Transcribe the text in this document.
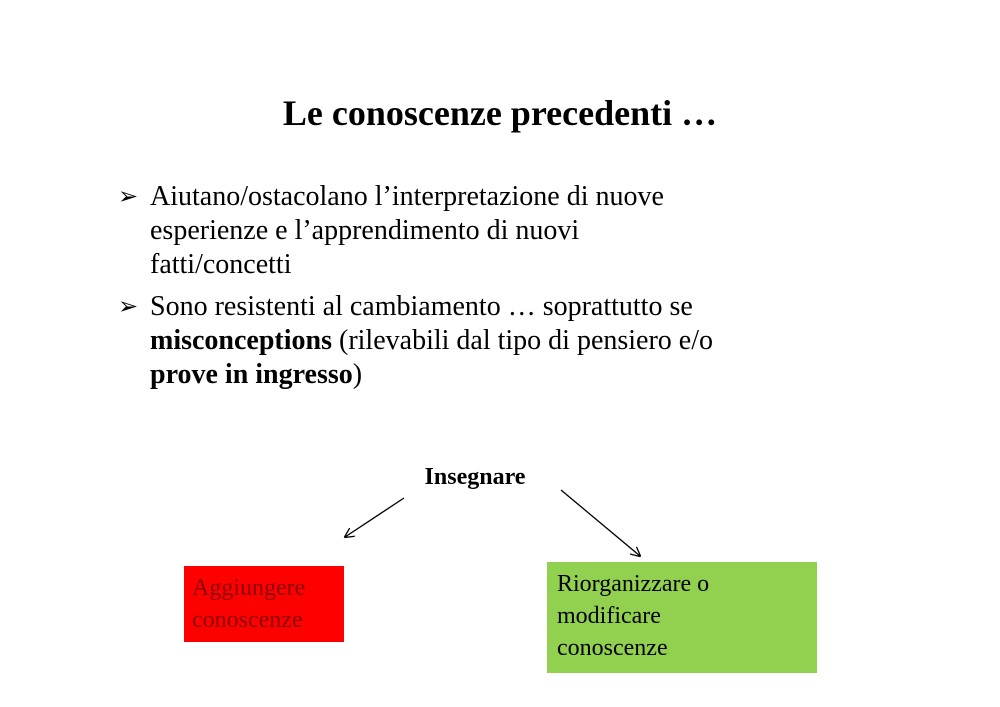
Le conoscenze precedenti …
➢ Aiutano/ostacolano l’interpretazione di nuove
esperienze e l’apprendimento di nuovi
fatti/concetti
➢ Sono resistenti al cambiamento … soprattutto se
misconceptions (rilevabili dal tipo di pensiero e/o
prove in ingresso)
Insegnare
Aggiungere
conoscenze
Riorganizzare o
modificare
conoscenze
